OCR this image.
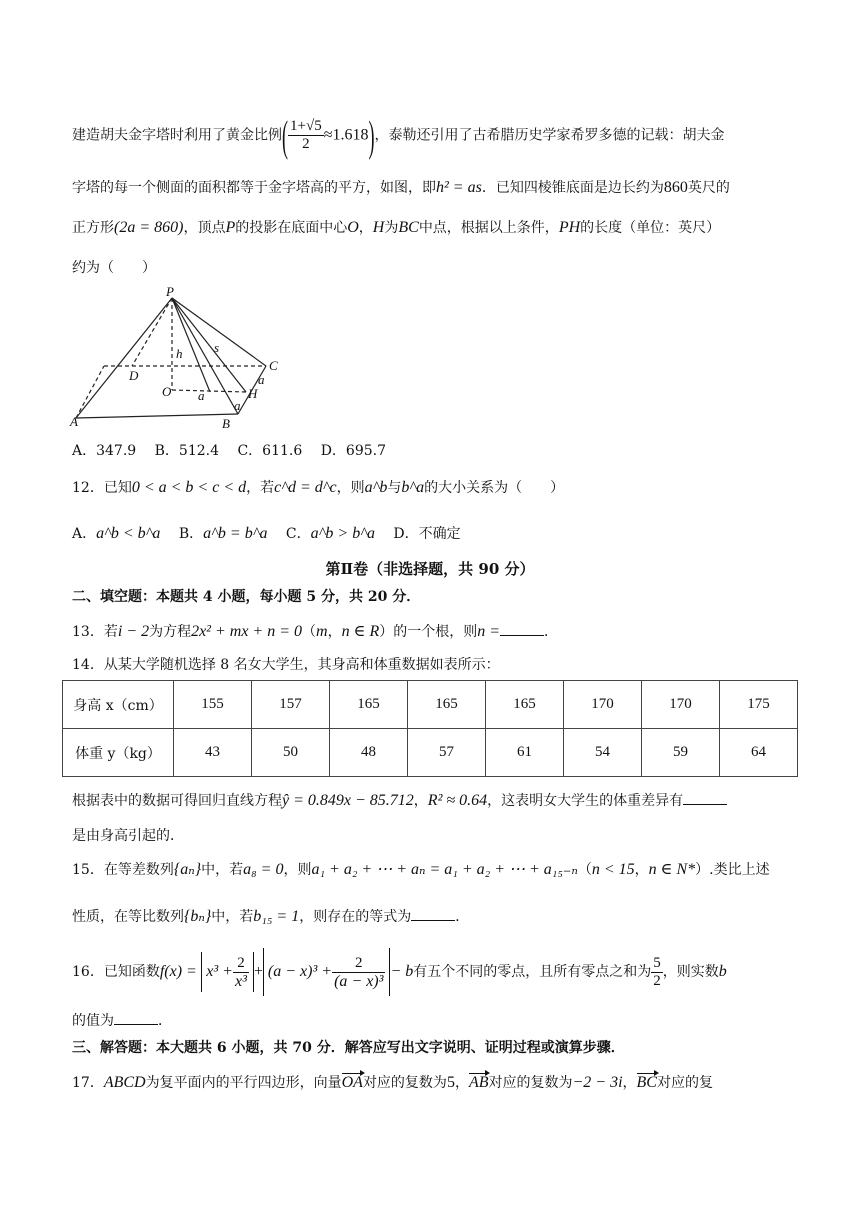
建造胡夫金字塔时利用了黄金比例( $\frac{1+√5}{2} \approx 1.618$)，泰勒还引用了古希腊历史学家希罗多德的记载：胡夫金
字塔的每一个侧面的面积都等于金字塔高的平方，如图，即h² = as．已知四棱锥底面是边长约为860英尺的
正方形(2a = 860)，顶点P的投影在底面中心O，H为BC中点，根据以上条件，PH的长度（单位：英尺）
约为（　　）
P
D
C
h s
O a
a
a
H
A	B
A．347.9　 B．512.4　 C．611.6　 D．695.7
12．已知0 < a < b < c < d，若c^d = d^c，则a^b与b^a的大小关系为（　　）
A．a^b < b^a　 B．a^b = b^a　 C．a^b > b^a　 D．不确定
第Ⅱ卷（非选择题，共 90 分）
二、填空题：本题共 4 小题，每小题 5 分，共 20 分．
13．若i − 2为方程2x² + mx + n = 0（m，n ∈ R）的一个根，则n =	．
14．从某大学随机选择 8 名女大学生，其身高和体重数据如表所示：
身高 x（cm）	155	157	165	165	165	170	170	175
体重 y（kg）	43	50	48	57	61	54	59	64
根据表中的数据可得回归直线方程ŷ = 0.849x − 85.712，R² ≈ 0.64，这表明女大学生的体重差异有
是由身高引起的．
15．在等差数列{aₙ}中，若a₈ = 0，则a₁ + a₂ + ⋯ + aₙ = a₁ + a₂ + ⋯ + a₁₅₋ₙ（n < 15，n ∈ N*）.类比上述
性质，在等比数列{bₙ}中，若b₁₅ = 1，则存在的等式为	．
16．已知函数$f(x) = x^3 + \frac{2}{\text{x³}} + (a - x)^3 + \frac{2}{\text{(a − x)³}} - b$有五个不同的零点，且所有零点之和为 $\frac{5}{2}$ ，则实数b
的值为	．
三、解答题：本大题共 6 小题，共 70 分．解答应写出文字说明、证明过程或演算步骤．
17．ABCD为复平面内的平行四边形，向量OA对应的复数为5，AB对应的复数为−2 − 3i，BC对应的复
